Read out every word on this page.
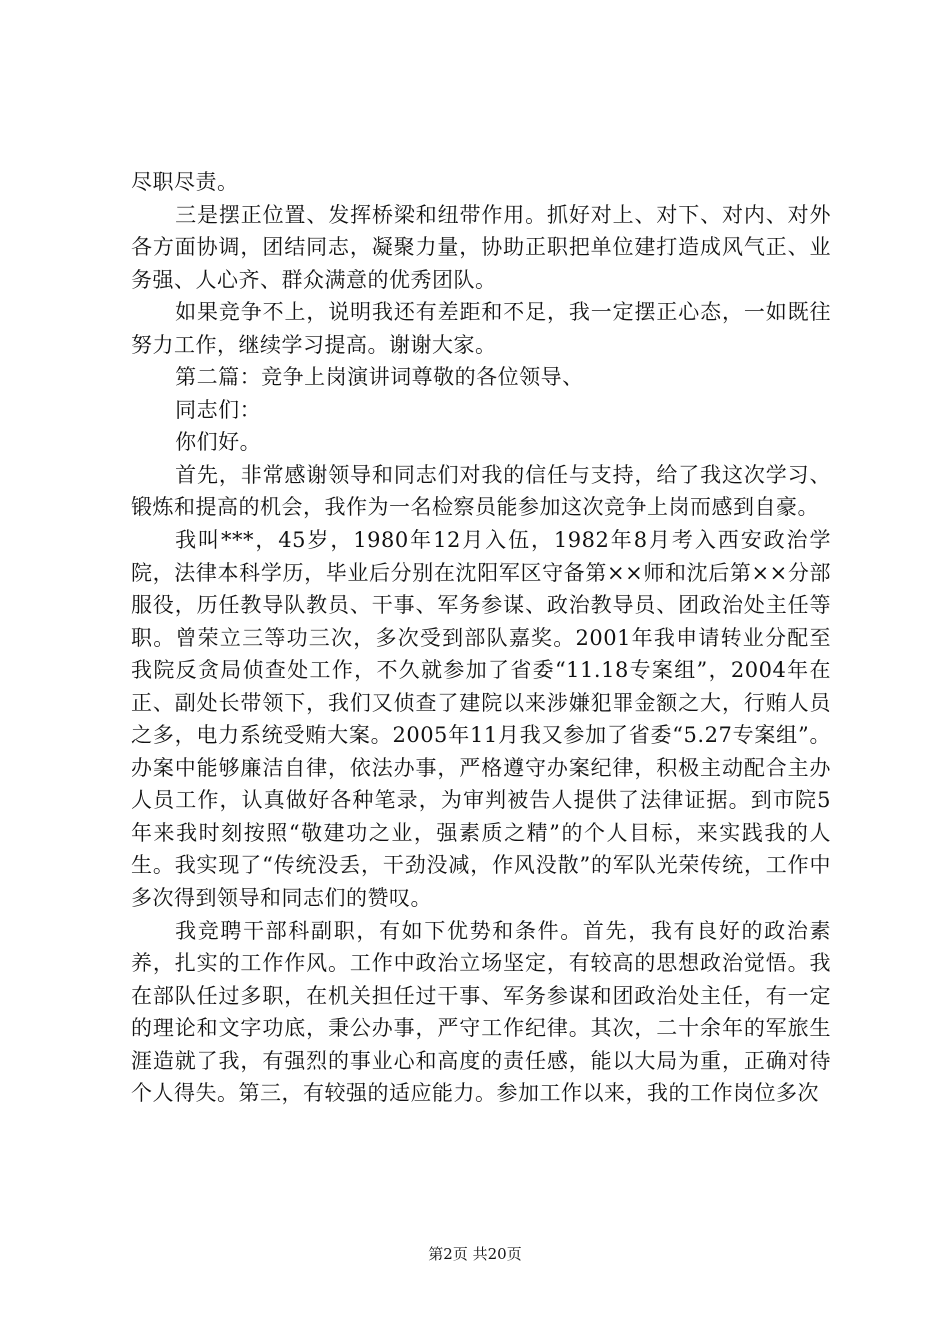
尽职尽责。

三是摆正位置、发挥桥梁和纽带作用。抓好对上、对下、对内、对外各方面协调，团结同志，凝聚力量，协助正职把单位建打造成风气正、业务强、人心齐、群众满意的优秀团队。

如果竞争不上，说明我还有差距和不足，我一定摆正心态，一如既往努力工作，继续学习提高。谢谢大家。

第二篇：竞争上岗演讲词尊敬的各位领导、

同志们：

你们好。

首先，非常感谢领导和同志们对我的信任与支持，给了我这次学习、锻炼和提高的机会，我作为一名检察员能参加这次竞争上岗而感到自豪。

我叫***，45岁，1980年12月入伍，1982年8月考入西安政治学院，法律本科学历，毕业后分别在沈阳军区守备第××师和沈后第××分部服役，历任教导队教员、干事、军务参谋、政治教导员、团政治处主任等职。曾荣立三等功三次，多次受到部队嘉奖。2001年我申请转业分配至我院反贪局侦查处工作，不久就参加了省委“11.18专案组”，2004年在正、副处长带领下，我们又侦查了建院以来涉嫌犯罪金额之大，行贿人员之多，电力系统受贿大案。2005年11月我又参加了省委“5.27专案组”。办案中能够廉洁自律，依法办事，严格遵守办案纪律，积极主动配合主办人员工作，认真做好各种笔录，为审判被告人提供了法律证据。到市院5年来我时刻按照“敬建功之业，强素质之精”的个人目标，来实践我的人生。我实现了“传统没丢，干劲没减，作风没散”的军队光荣传统，工作中多次得到领导和同志们的赞叹。

我竞聘干部科副职，有如下优势和条件。首先，我有良好的政治素养，扎实的工作作风。工作中政治立场坚定，有较高的思想政治觉悟。我在部队任过多职，在机关担任过干事、军务参谋和团政治处主任，有一定的理论和文字功底，秉公办事，严守工作纪律。其次，二十余年的军旅生涯造就了我，有强烈的事业心和高度的责任感，能以大局为重，正确对待个人得失。第三，有较强的适应能力。参加工作以来，我的工作岗位多次

第2页 共20页
